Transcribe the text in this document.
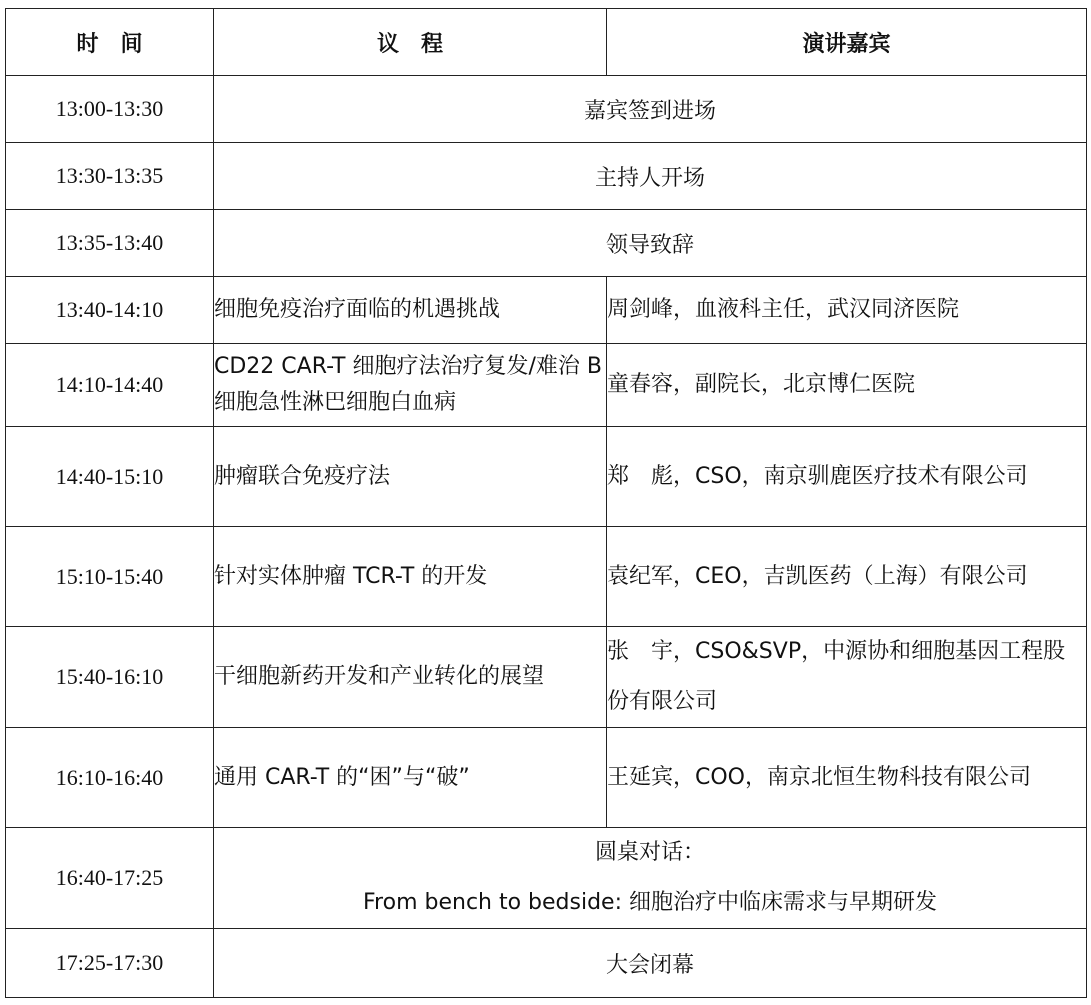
时　间	议　程	演讲嘉宾
13:00-13:30	嘉宾签到进场	
13:30-13:35	主持人开场	
13:35-13:40	领导致辞	
13:40-14:10	细胞免疫治疗面临的机遇挑战	周剑峰，血液科主任，武汉同济医院
14:10-14:40	CD22 CAR-T 细胞疗法治疗复发/难治 B 细胞急性淋巴细胞白血病	童春容，副院长，北京博仁医院
14:40-15:10	肿瘤联合免疫疗法	郑　彪，CSO，南京驯鹿医疗技术有限公司
15:10-15:40	针对实体肿瘤 TCR-T 的开发	袁纪军，CEO，吉凯医药（上海）有限公司
15:40-16:10	干细胞新药开发和产业转化的展望	张　宇，CSO&SVP，中源协和细胞基因工程股份有限公司
16:10-16:40	通用 CAR-T 的“困”与“破”	王延宾，COO，南京北恒生物科技有限公司
16:40-17:25	圆桌对话：
From bench to bedside: 细胞治疗中临床需求与早期研发	

17:25-17:30	大会闭幕	
